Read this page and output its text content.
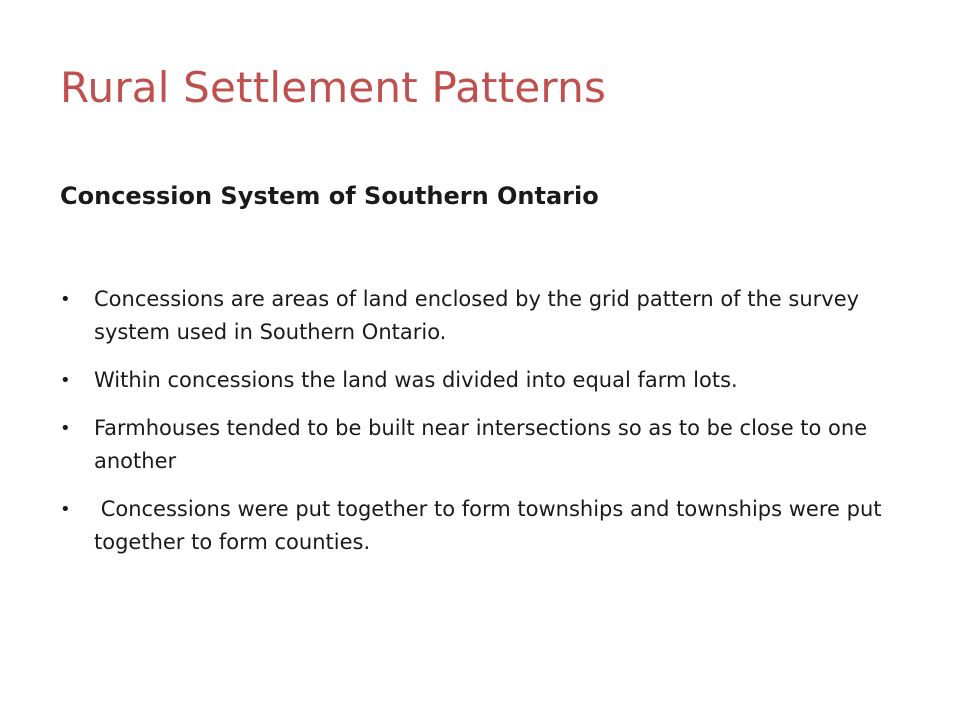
Rural Settlement Patterns
Concession System of Southern Ontario
•	Concessions are areas of land enclosed by the grid pattern of the survey system used in Southern Ontario.
•	Within concessions the land was divided into equal farm lots.
•	Farmhouses tended to be built near intersections so as to be close to one another
•	Concessions were put together to form townships and townships were put together to form counties.
